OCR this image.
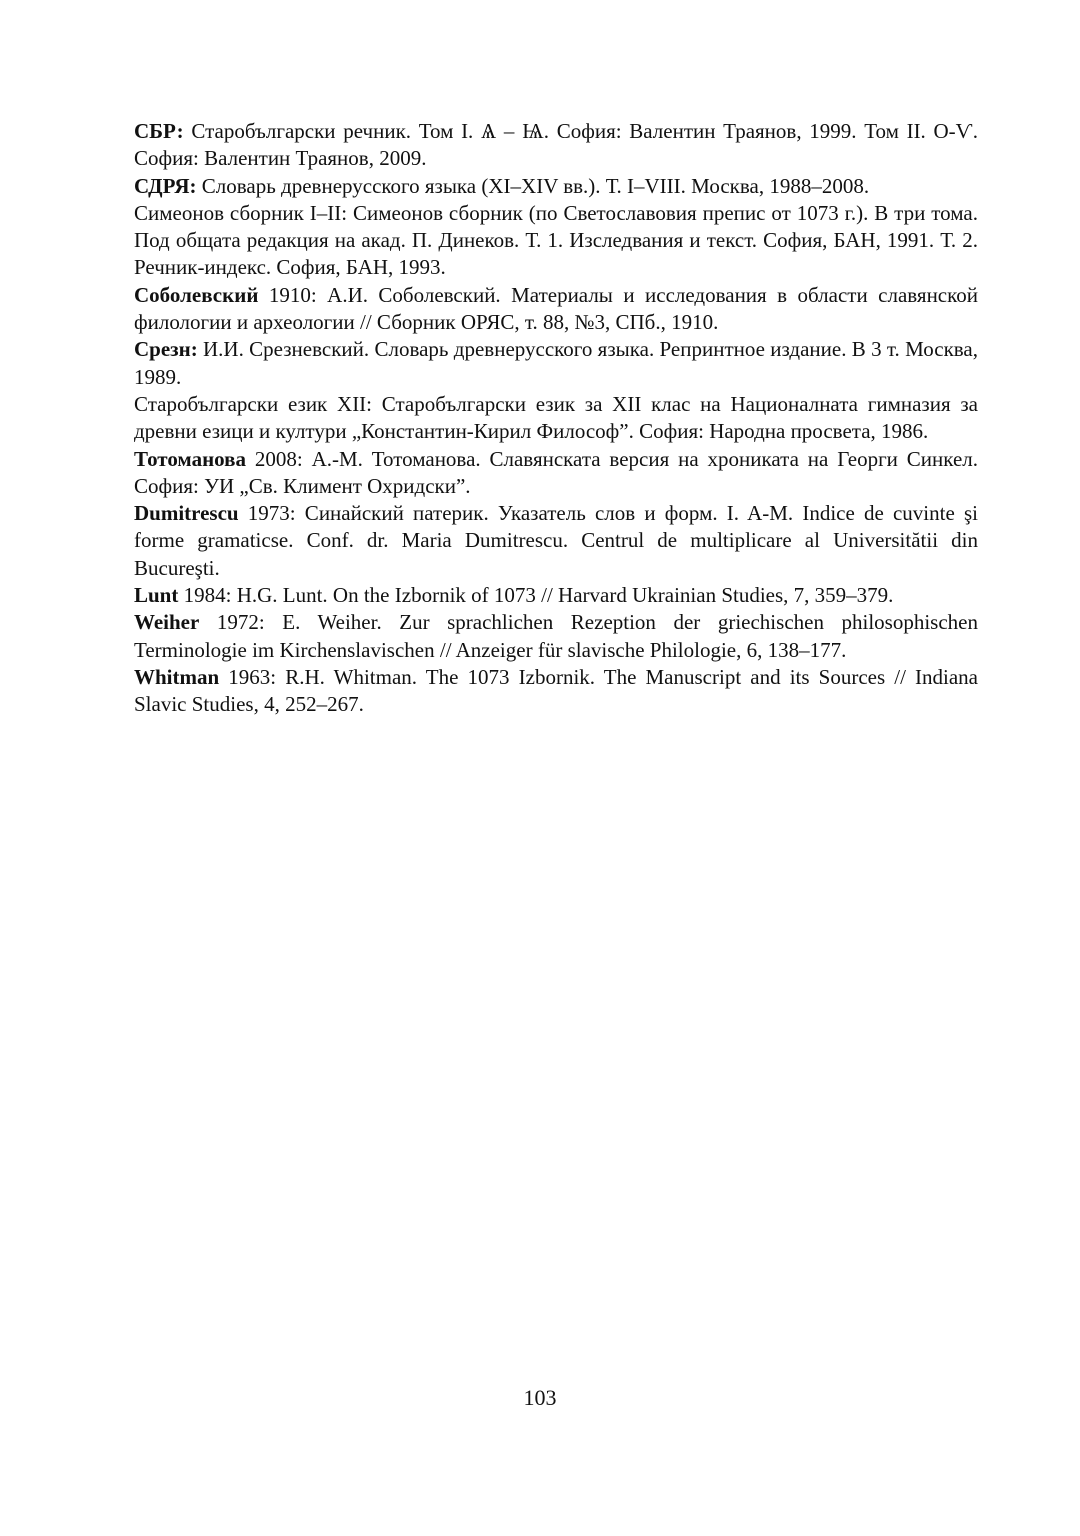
СБР: Старобългарски речник. Том I. Ѧ – Ѩ. София: Валентин Траянов, 1999. Том II. О-Ѵ. София: Валентин Траянов, 2009.

СДРЯ: Словарь древнерусского языка (XI–XIV вв.). Т. I–VIII. Москва, 1988–2008.

Симеонов сборник I–II: Симеонов сборник (по Светославовия препис от 1073 г.). В три тома. Под общата редакция на акад. П. Динеков. Т. 1. Изследвания и текст. София, БАН, 1991. Т. 2. Речник-индекс. София, БАН, 1993.

Соболевский 1910: А.И. Соболевский. Материалы и исследования в области славянской филологии и археологии // Сборник ОРЯС, т. 88, №3, СПб., 1910.

Срезн: И.И. Срезневский. Словарь древнерусского языка. Репринтное издание. В 3 т. Москва, 1989.

Старобългарски език XII: Старобългарски език за XII клас на Националната гимназия за древни езици и култури „Константин-Кирил Философ”. София: Народна просвета, 1986.

Тотоманова 2008: А.-М. Тотоманова. Славянската версия на хрониката на Георги Синкел. София: УИ „Св. Климент Охридски”.

Dumitrescu 1973: Синайский патерик. Указатель слов и форм. I. A-M. Indice de cuvinte şi forme gramaticse. Conf. dr. Maria Dumitrescu. Centrul de multiplicare al Universitătii din Bucureşti.

Lunt 1984: H.G. Lunt. On the Izbornik of 1073 // Harvard Ukrainian Studies, 7, 359–379.

Weiher 1972: E. Weiher. Zur sprachlichen Rezeption der griechischen philosophischen Terminologie im Kirchenslavischen // Anzeiger für slavische Philologie, 6, 138–177.

Whitman 1963: R.H. Whitman. The 1073 Izbornik. The Manuscript and its Sources // Indiana Slavic Studies, 4, 252–267.

103
